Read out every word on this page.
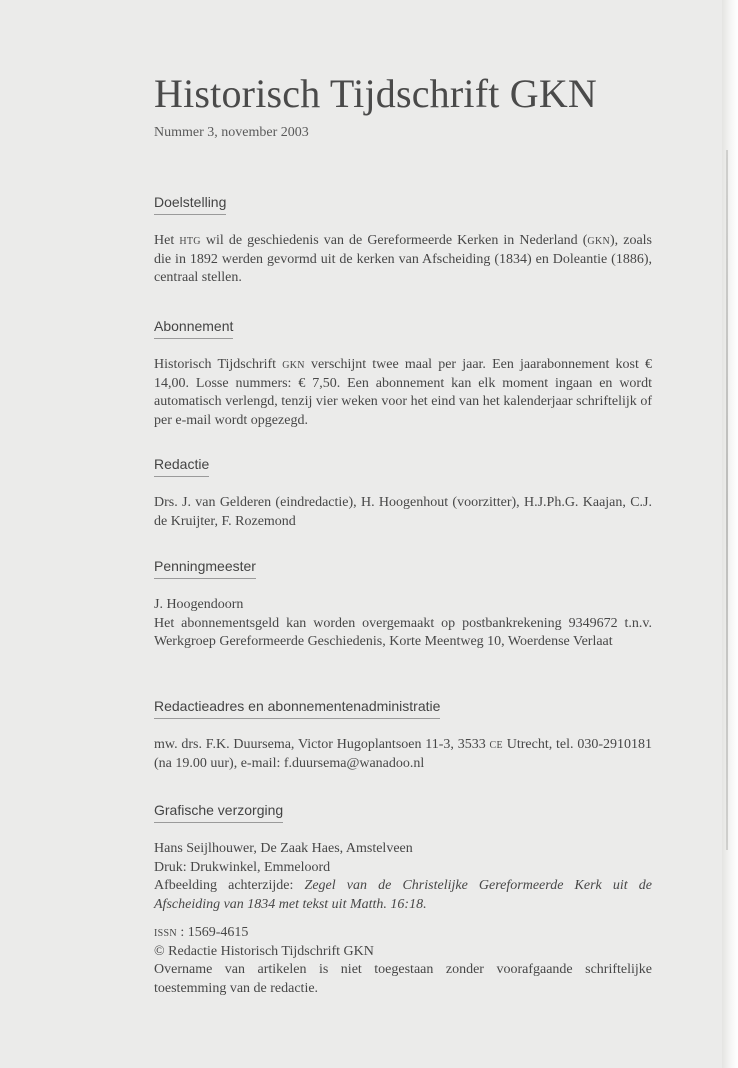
Historisch Tijdschrift GKN
Nummer 3, november 2003
Doelstelling

Het htg wil de geschiedenis van de Gereformeerde Kerken in Nederland (gkn), zoals die in 1892 werden gevormd uit de kerken van Afscheiding (1834) en Doleantie (1886), centraal stellen.

Abonnement

Historisch Tijdschrift gkn verschijnt twee maal per jaar. Een jaarabonnement kost € 14,00. Losse nummers: € 7,50. Een abonnement kan elk moment ingaan en wordt automatisch verlengd, tenzij vier weken voor het eind van het kalenderjaar schriftelijk of per e-mail wordt opgezegd.

Redactie

Drs. J. van Gelderen (eindredactie), H. Hoogenhout (voorzitter), H.J.Ph.G. Kaajan, C.J. de Kruijter, F. Rozemond

Penningmeester

J. Hoogendoorn

Het abonnementsgeld kan worden overgemaakt op postbankrekening 9349672 t.n.v. Werkgroep Gereformeerde Geschiedenis, Korte Meentweg 10, Woerdense Verlaat

Redactieadres en abonnementenadministratie

mw. drs. F.K. Duursema, Victor Hugoplantsoen 11-3, 3533 ce Utrecht, tel. 030-2910181 (na 19.00 uur), e-mail: f.duursema@wanadoo.nl

Grafische verzorging

Hans Seijlhouwer, De Zaak Haes, Amstelveen

Druk: Drukwinkel, Emmeloord

Afbeelding achterzijde: Zegel van de Christelijke Gereformeerde Kerk uit de Afscheiding van 1834 met tekst uit Matth. 16:18.

issn : 1569-4615

© Redactie Historisch Tijdschrift GKN

Overname van artikelen is niet toegestaan zonder voorafgaande schriftelijke toestemming van de redactie.
